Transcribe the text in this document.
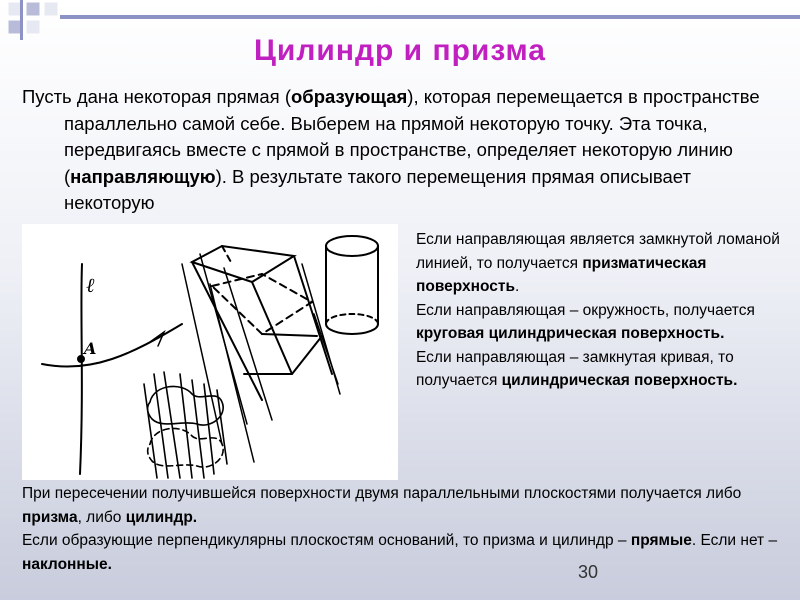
Цилиндр и призма

Пусть дана некоторая прямая (образующая), которая перемещается в пространстве параллельно самой себе. Выберем на прямой некоторую точку. Эта точка, передвигаясь вместе с прямой в пространстве, определяет некоторую линию (направляющую). В результате такого перемещения прямая описывает некоторую

ℓ
A

Если направляющая является замкнутой ломаной линией, то получается призматическая поверхность.

Если направляющая – окружность, получается круговая цилиндрическая поверхность.

Если направляющая – замкнутая кривая, то получается цилиндрическая поверхность.

При пересечении получившейся поверхности двумя параллельными плоскостями получается либо призма, либо цилиндр.

Если образующие перпендикулярны плоскостям оснований, то призма и цилиндр – прямые. Если нет – наклонные.	30
